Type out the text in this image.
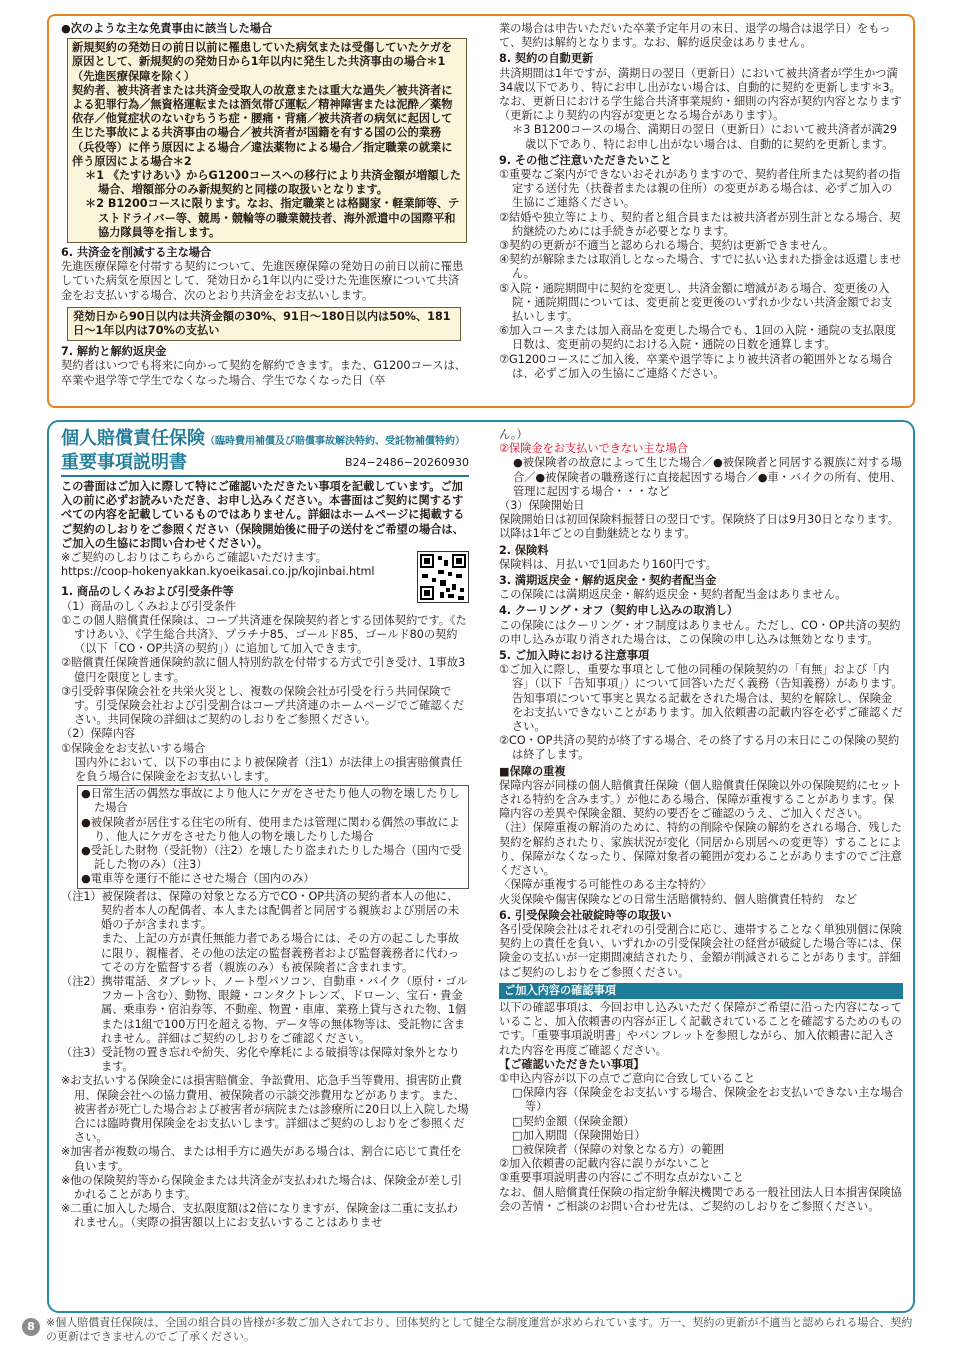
●次のような主な免責事由に該当した場合

新規契約の発効日の前日以前に罹患していた病気または受傷していたケガを原因として、新規契約の発効日から1年以内に発生した共済事由の場合＊1（先進医療保障を除く）

契約者、被共済者または共済金受取人の故意または重大な過失／被共済者による犯罪行為／無資格運転または酒気帯び運転／精神障害または泥酔／薬物依存／他覚症状のないむちうち症・腰痛・背痛／被共済者の病気に起因して生じた事故による共済事由の場合／被共済者が国籍を有する国の公的業務（兵役等）に伴う原因による場合／違法薬物による場合／指定職業の就業に伴う原因による場合＊2

＊1 《たすけあい》からG1200コースへの移行により共済金額が増額した場合、増額部分のみ新規契約と同様の取扱いとなります。

＊2 B1200コースに限ります。なお、指定職業とは格闘家・軽業師等、テストドライバー等、競馬・競輪等の職業競技者、海外派遣中の国際平和協力隊員等を指します。

6. 共済金を削減する主な場合

先進医療保障を付帯する契約について、先進医療保障の発効日の前日以前に罹患していた病気を原因として、発効日から1年以内に受けた先進医療について共済金をお支払いする場合、次のとおり共済金をお支払いします。

発効日から90日以内は共済金額の30%、91日〜180日以内は50%、181日〜1年以内は70%の支払い

7. 解約と解約返戻金

契約者はいつでも将来に向かって契約を解約できます。また、G1200コースは、卒業や退学等で学生でなくなった場合、学生でなくなった日（卒

業の場合は申告いただいた卒業予定年月の末日、退学の場合は退学日）をもって、契約は解約となります。なお、解約返戻金はありません。

8. 契約の自動更新

共済期間は1年ですが、満期日の翌日（更新日）において被共済者が学生かつ満34歳以下であり、特にお申し出がない場合は、自動的に契約を更新します＊3。なお、更新日における学生総合共済事業規約・細則の内容が契約内容となります（更新により契約の内容が変更となる場合があります）。

＊3 B1200コースの場合、満期日の翌日（更新日）において被共済者が満29歳以下であり、特にお申し出がない場合は、自動的に契約を更新します。

9. その他ご注意いただきたいこと

①重要なご案内ができないおそれがありますので、契約者住所または契約者の指定する送付先（扶養者または親の住所）の変更がある場合は、必ずご加入の生協にご連絡ください。

②結婚や独立等により、契約者と組合員または被共済者が別生計となる場合、契約継続のためには手続きが必要となります。

③契約の更新が不適当と認められる場合、契約は更新できません。

④契約が解除または取消しとなった場合、すでに払い込まれた掛金は返還しません。

⑤入院・通院期間中に契約を変更し、共済金額に増減がある場合、変更後の入院・通院期間については、変更前と変更後のいずれか少ない共済金額でお支払いします。

⑥加入コースまたは加入商品を変更した場合でも、1回の入院・通院の支払限度日数は、変更前の契約における入院・通院の日数を通算します。

⑦G1200コースにご加入後、卒業や退学等により被共済者の範囲外となる場合は、必ずご加入の生協にご連絡ください。

個人賠償責任保険（臨時費用補償及び賠償事故解決特約、受託物補償特約）
重要事項説明書	B24−2486−20260930

この書面はご加入に際して特にご確認いただきたい事項を記載しています。ご加入の前に必ずお読みいただき、お申し込みください。本書面はご契約に関するすべての内容を記載しているものではありません。詳細はホームページに掲載するご契約のしおりをご参照ください（保険開始後に冊子の送付をご希望の場合は、ご加入の生協にお問い合わせください）。

※ご契約のしおりはこちらからご確認いただけます。

https://coop-hokenyakkan.kyoeikasai.co.jp/kojinbai.html

1. 商品のしくみおよび引受条件等

（1）商品のしくみおよび引受条件

①この個人賠償責任保険は、コープ共済連を保険契約者とする団体契約です。《たすけあい》、《学生総合共済》、プラチナ85、ゴールド85、ゴールド80の契約（以下「CO・OP共済の契約」）に追加して加入できます。

②賠償責任保険普通保険約款に個人特別約款を付帯する方式で引き受け、1事故3億円を限度とします。

③引受幹事保険会社を共栄火災とし、複数の保険会社が引受を行う共同保険です。引受保険会社および引受割合はコープ共済連のホームページでご確認ください。共同保険の詳細はご契約のしおりをご参照ください。

（2）保障内容

①保険金をお支払いする場合

国内外において、以下の事由により被保険者（注1）が法律上の損害賠償責任を負う場合に保険金をお支払いします。

●日常生活の偶然な事故により他人にケガをさせたり他人の物を壊したりした場合

●被保険者が居住する住宅の所有、使用または管理に関わる偶然の事故により、他人にケガをさせたり他人の物を壊したりした場合

●受託した財物（受託物）（注2）を壊したり盗まれたりした場合（国内で受託した物のみ）（注3）

●電車等を運行不能にさせた場合（国内のみ）

（注1）被保険者は、保障の対象となる方でCO・OP共済の契約者本人の他に、契約者本人の配偶者、本人または配偶者と同居する親族および別居の未婚の子が含まれます。

また、上記の方が責任無能力者である場合には、その方の起こした事故に限り、親権者、その他の法定の監督義務者および監督義務者に代わってその方を監督する者（親族のみ）も被保険者に含まれます。

（注2）携帯電話、タブレット、ノート型パソコン、自動車・バイク（原付・ゴルフカート含む）、動物、眼鏡・コンタクトレンズ、ドローン、宝石・貴金属、乗車券・宿泊券等、不動産、物置・車庫、業務上貸与された物、1個または1組で100万円を超える物、データ等の無体物等は、受託物に含まれません。詳細はご契約のしおりをご確認ください。

（注3）受託物の置き忘れや紛失、劣化や摩耗による破損等は保障対象外となります。

※お支払いする保険金には損害賠償金、争訟費用、応急手当等費用、損害防止費用、保険会社への協力費用、被保険者の示談交渉費用などがあります。また、被害者が死亡した場合および被害者が病院または診療所に20日以上入院した場合には臨時費用保険金をお支払いします。詳細はご契約のしおりをご参照ください。

※加害者が複数の場合、または相手方に過失がある場合は、割合に応じて責任を負います。

※他の保険契約等から保険金または共済金が支払われた場合は、保険金が差し引かれることがあります。

※二重に加入した場合、支払限度額は2倍になりますが、保険金は二重に支払われません。（実際の損害額以上にお支払いすることはありませ

ん。）

②保険金をお支払いできない主な場合

●被保険者の故意によって生じた場合／●被保険者と同居する親族に対する場合／●被保険者の職務遂行に直接起因する場合／●車・バイクの所有、使用、管理に起因する場合・・・など

（3）保険開始日

保険開始日は初回保険料振替日の翌日です。保険終了日は9月30日となります。以降は1年ごとの自動継続となります。

2. 保険料

保険料は、月払いで1回あたり160円です。

3. 満期返戻金・解約返戻金・契約者配当金

この保険には満期返戻金・解約返戻金・契約者配当金はありません。

4. クーリング・オフ（契約申し込みの取消し）

この保険にはクーリング・オフ制度はありません。ただし、CO・OP共済の契約の申し込みが取り消された場合は、この保険の申し込みは無効となります。

5. ご加入時における注意事項

①ご加入に際し、重要な事項として他の同種の保険契約の「有無」および「内容」（以下「告知事項」）について回答いただく義務（告知義務）があります。告知事項について事実と異なる記載をされた場合は、契約を解除し、保険金をお支払いできないことがあります。加入依頼書の記載内容を必ずご確認ください。

②CO・OP共済の契約が終了する場合、その終了する月の末日にこの保険の契約は終了します。

■保障の重複

保障内容が同様の個人賠償責任保険（個人賠償責任保険以外の保険契約にセットされる特約を含みます。）が他にある場合、保障が重複することがあります。保障内容の差異や保険金額、契約の要否をご確認のうえ、ご加入ください。

（注）保障重複の解消のために、特約の削除や保険の解約をされる場合、残した契約を解約されたり、家族状況が変化（同居から別居への変更等）することにより、保障がなくなったり、保障対象者の範囲が変わることがありますのでご注意ください。

〈保障が重複する可能性のある主な特約〉

火災保険や傷害保険などの日常生活賠償特約、個人賠償責任特約　など

6. 引受保険会社破綻時等の取扱い

各引受保険会社はそれぞれの引受割合に応じ、連帯することなく単独別個に保険契約上の責任を負い、いずれかの引受保険会社の経営が破綻した場合等には、保険金の支払いが一定期間凍結されたり、金額が削減されることがあります。詳細はご契約のしおりをご参照ください。

ご加入内容の確認事項

以下の確認事項は、今回お申し込みいただく保障がご希望に沿った内容になっていること、加入依頼書の内容が正しく記載されていることを確認するためのものです。「重要事項説明書」やパンフレットを参照しながら、加入依頼書に記入された内容を再度ご確認ください。

【ご確認いただきたい事項】

①申込内容が以下の点でご意向に合致していること

□保障内容（保険金をお支払いする場合、保険金をお支払いできない主な場合等）

□契約金額（保険金額）

□加入期間（保険開始日）

□被保険者（保障の対象となる方）の範囲

②加入依頼書の記載内容に誤りがないこと

③重要事項説明書の内容にご不明な点がないこと

なお、個人賠償責任保険の指定紛争解決機関である一般社団法人日本損害保険協会の苦情・ご相談のお問い合わせ先は、ご契約のしおりをご参照ください。

8	※個人賠償責任保険は、全国の組合員の皆様が多数ご加入されており、団体契約として健全な制度運営が求められています。万一、契約の更新が不適当と認められる場合、契約の更新はできませんのでご了承ください。
